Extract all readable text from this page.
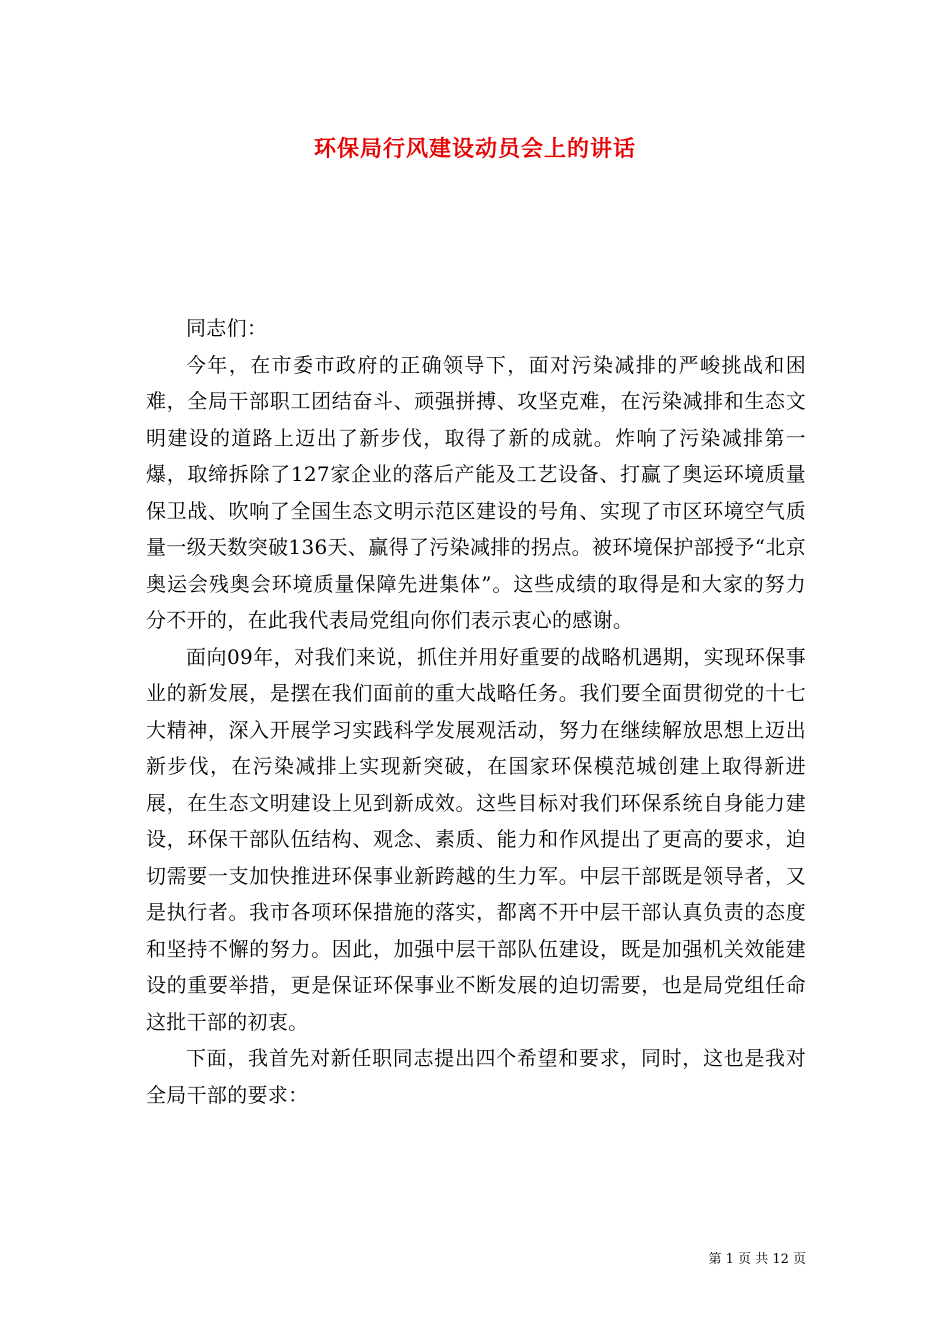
环保局行风建设动员会上的讲话

同志们：

今年，在市委市政府的正确领导下，面对污染减排的严峻挑战和困难，全局干部职工团结奋斗、顽强拼搏、攻坚克难，在污染减排和生态文明建设的道路上迈出了新步伐，取得了新的成就。炸响了污染减排第一爆，取缔拆除了127家企业的落后产能及工艺设备、打赢了奥运环境质量保卫战、吹响了全国生态文明示范区建设的号角、实现了市区环境空气质量一级天数突破136天、赢得了污染减排的拐点。被环境保护部授予“北京奥运会残奥会环境质量保障先进集体”。这些成绩的取得是和大家的努力分不开的，在此我代表局党组向你们表示衷心的感谢。

面向09年，对我们来说，抓住并用好重要的战略机遇期，实现环保事业的新发展，是摆在我们面前的重大战略任务。我们要全面贯彻党的十七大精神，深入开展学习实践科学发展观活动，努力在继续解放思想上迈出新步伐，在污染减排上实现新突破，在国家环保模范城创建上取得新进展，在生态文明建设上见到新成效。这些目标对我们环保系统自身能力建设，环保干部队伍结构、观念、素质、能力和作风提出了更高的要求，迫切需要一支加快推进环保事业新跨越的生力军。中层干部既是领导者，又是执行者。我市各项环保措施的落实，都离不开中层干部认真负责的态度和坚持不懈的努力。因此，加强中层干部队伍建设，既是加强机关效能建设的重要举措，更是保证环保事业不断发展的迫切需要，也是局党组任命这批干部的初衷。

下面，我首先对新任职同志提出四个希望和要求，同时，这也是我对全局干部的要求：

第 1 页 共 12 页
